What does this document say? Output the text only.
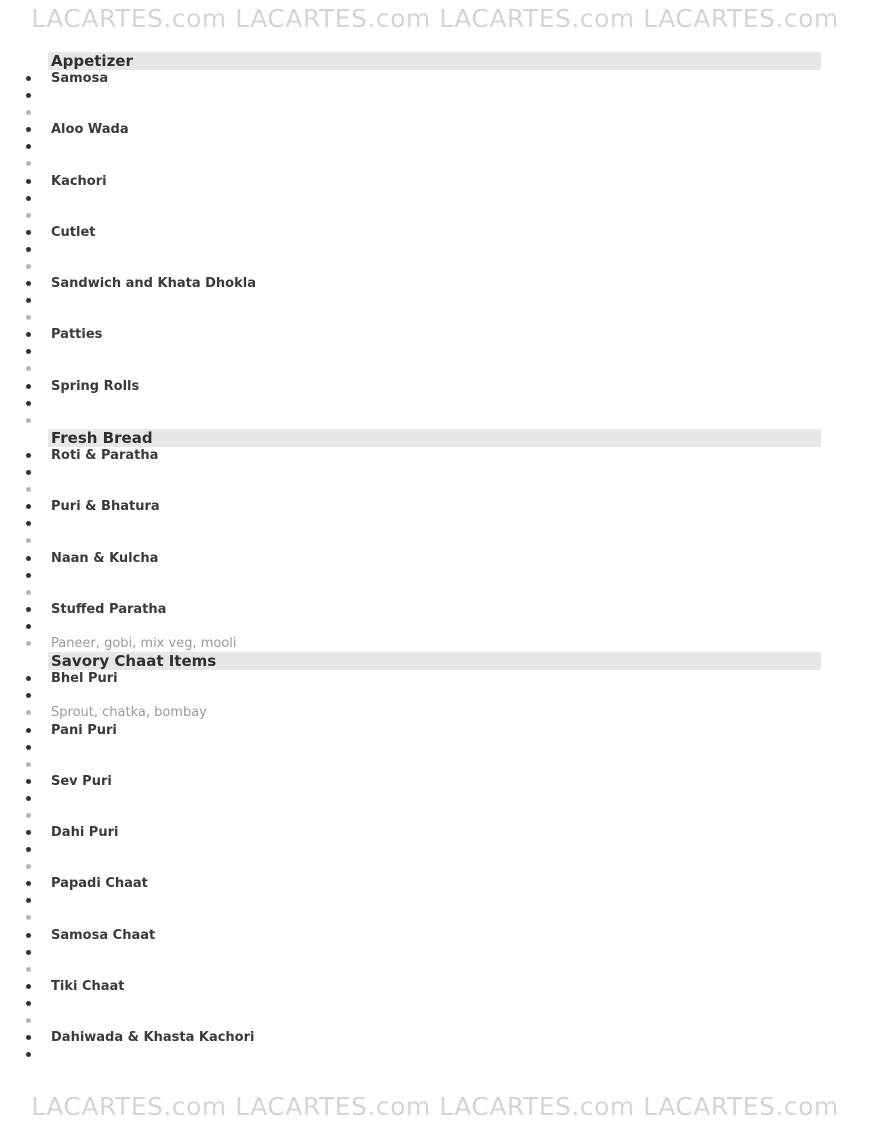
LACARTES.com LACARTES.com LACARTES.com LACARTES.com
Appetizer
Samosa
Aloo Wada
Kachori
Cutlet
Sandwich and Khata Dhokla
Patties
Spring Rolls
Fresh Bread
Roti & Paratha
Puri & Bhatura
Naan & Kulcha
Stuffed Paratha
Paneer, gobi, mix veg, mooli
Savory Chaat Items
Bhel Puri
Sprout, chatka, bombay
Pani Puri
Sev Puri
Dahi Puri
Papadi Chaat
Samosa Chaat
Tiki Chaat
Dahiwada & Khasta Kachori
LACARTES.com LACARTES.com LACARTES.com LACARTES.com
